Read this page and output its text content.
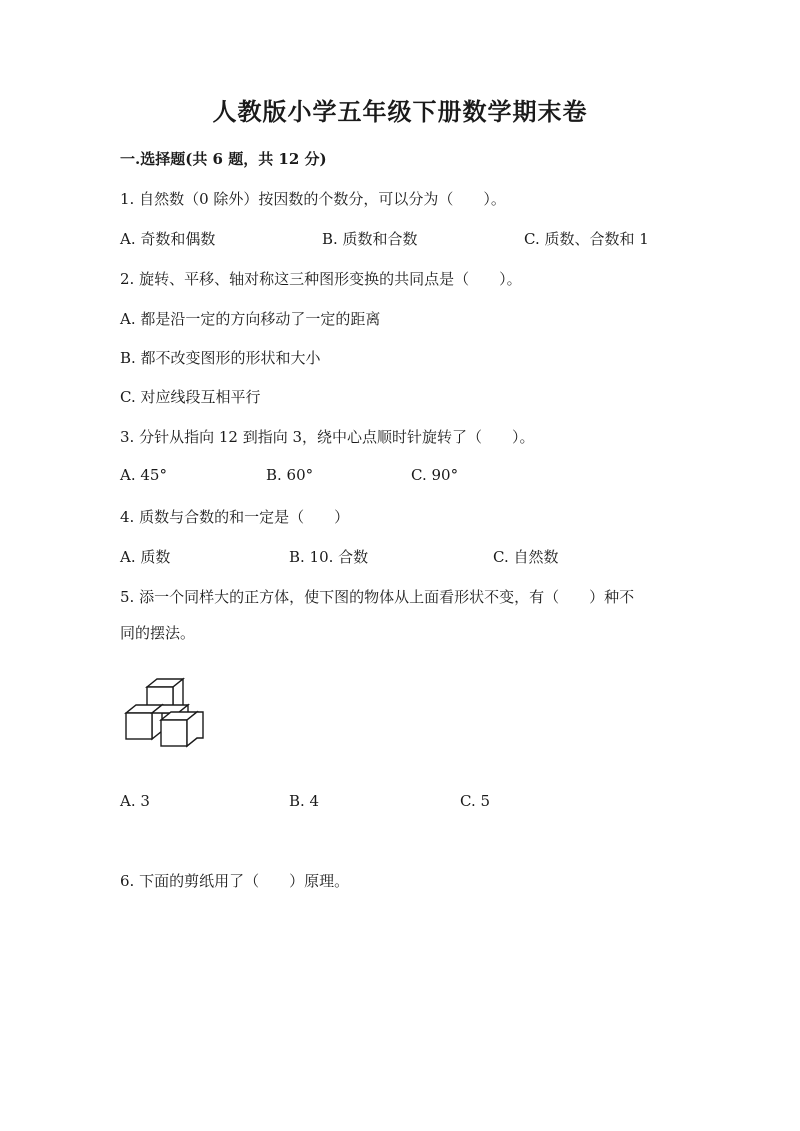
人教版小学五年级下册数学期末卷
一.选择题(共 6 题，共 12 分)
1. 自然数（0 除外）按因数的个数分，可以分为（　　）。
A. 奇数和偶数	B. 质数和合数	C. 质数、合数和 1
2. 旋转、平移、轴对称这三种图形变换的共同点是（　　）。
A. 都是沿一定的方向移动了一定的距离
B. 都不改变图形的形状和大小
C. 对应线段互相平行
3. 分针从指向 12 到指向 3，绕中心点顺时针旋转了（　　）。
A. 45°	B. 60°	C. 90°
4. 质数与合数的和一定是（　　）
A. 质数	B. 10. 合数	C. 自然数
5. 添一个同样大的正方体，使下图的物体从上面看形状不变，有（　　）种不
同的摆法。
A. 3	B. 4	C. 5
6. 下面的剪纸用了（　　）原理。
